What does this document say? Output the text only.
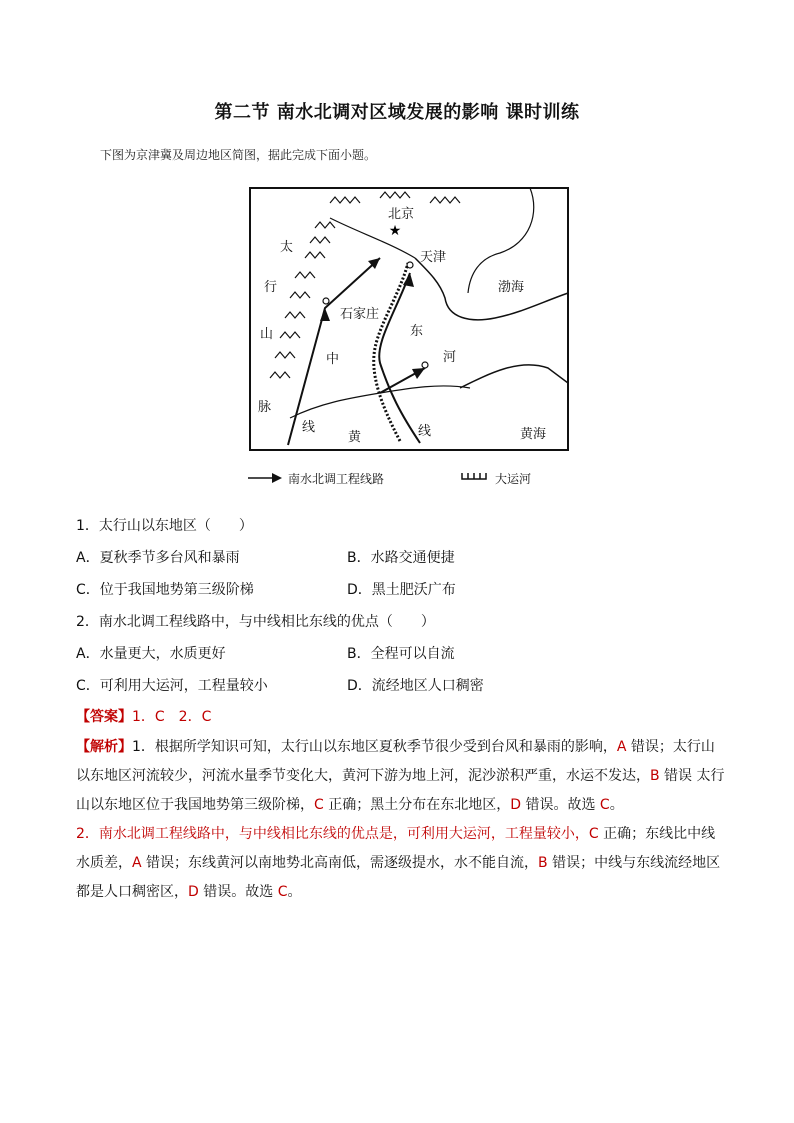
第二节 南水北调对区域发展的影响 课时训练
下图为京津冀及周边地区简图，据此完成下面小题。
★
北京
天津
渤海
石家庄
太
行
山
脉
中
线
东
河
黄	线	黄海
南水北调工程线路	大运河
1．太行山以东地区（　　）
A．夏秋季节多台风和暴雨	B．水路交通便捷
C．位于我国地势第三级阶梯	D．黑土肥沃广布
2．南水北调工程线路中，与中线相比东线的优点（　　）
A．水量更大，水质更好	B．全程可以自流
C．可利用大运河，工程量较小	D．流经地区人口稠密
【答案】1．C　2．C

【解析】1．根据所学知识可知，太行山以东地区夏秋季节很少受到台风和暴雨的影响，A 错误；太行山以东地区河流较少，河流水量季节变化大，黄河下游为地上河，泥沙淤积严重，水运不发达，B 错误 太行山以东地区位于我国地势第三级阶梯，C 正确；黑土分布在东北地区，D 错误。故选 C。

2．南水北调工程线路中，与中线相比东线的优点是，可利用大运河，工程量较小，C 正确；东线比中线水质差，A 错误；东线黄河以南地势北高南低，需逐级提水，水不能自流，B 错误；中线与东线流经地区都是人口稠密区，D 错误。故选 C。
